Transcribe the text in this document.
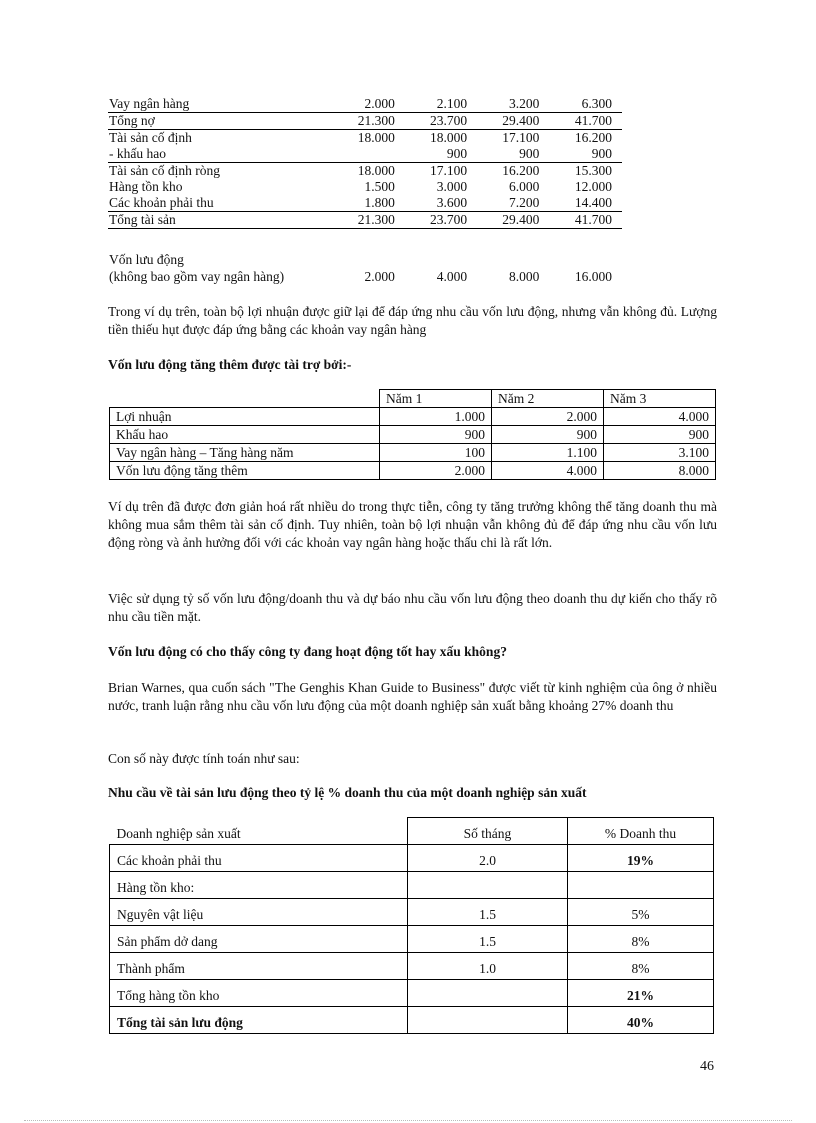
Vay ngân hàng	2.000	2.100	3.200	6.300
Tổng nợ	21.300	23.700	29.400	41.700
Tài sản cố định	18.000	18.000	17.100	16.200
- khấu hao		900	900	900
Tài sản cố định ròng	18.000	17.100	16.200	15.300
Hàng tồn kho	1.500	3.000	6.000	12.000
Các khoản phải thu	1.800	3.600	7.200	14.400
Tổng tài sản	21.300	23.700	29.400	41.700
Vốn lưu động				
(không bao gồm vay ngân hàng)	2.000	4.000	8.000	16.000

Trong ví dụ trên, toàn bộ lợi nhuận được giữ lại để đáp ứng nhu cầu vốn lưu động, nhưng vẫn không đủ. Lượng tiền thiếu hụt được đáp ứng bằng các khoản vay ngân hàng

Vốn lưu động tăng thêm được tài trợ bởi:-

	Năm 1	Năm 2	Năm 3
Lợi nhuận	1.000	2.000	4.000
Khấu hao	900	900	900
Vay ngân hàng – Tăng hàng năm	100	1.100	3.100
Vốn lưu động tăng thêm	2.000	4.000	8.000

Ví dụ trên đã được đơn giản hoá rất nhiều do trong thực tiễn, công ty tăng trưởng không thể tăng doanh thu mà không mua sắm thêm tài sản cố định. Tuy nhiên, toàn bộ lợi nhuận vẫn không đủ để đáp ứng nhu cầu vốn lưu động ròng và ảnh hưởng đối với các khoản vay ngân hàng hoặc thấu chi là rất lớn.

Việc sử dụng tỷ số vốn lưu động/doanh thu và dự báo nhu cầu vốn lưu động theo doanh thu dự kiến cho thấy rõ nhu cầu tiền mặt.

Vốn lưu động có cho thấy công ty đang hoạt động tốt hay xấu không?

Brian Warnes, qua cuốn sách "The Genghis Khan Guide to Business" được viết từ kinh nghiệm của ông ở nhiều nước, tranh luận rằng nhu cầu vốn lưu động của một doanh nghiệp sản xuất bằng khoảng 27% doanh thu

Con số này được tính toán như sau:

Nhu cầu về tài sản lưu động theo tỷ lệ % doanh thu của một doanh nghiệp sản xuất

Doanh nghiệp sản xuất	Số tháng	% Doanh thu
Các khoản phải thu	2.0	19%
Hàng tồn kho:		
Nguyên vật liệu	1.5	5%
Sản phẩm dở dang	1.5	8%
Thành phẩm	1.0	8%
Tổng hàng tồn kho		21%
Tổng tài sản lưu động		40%
46
